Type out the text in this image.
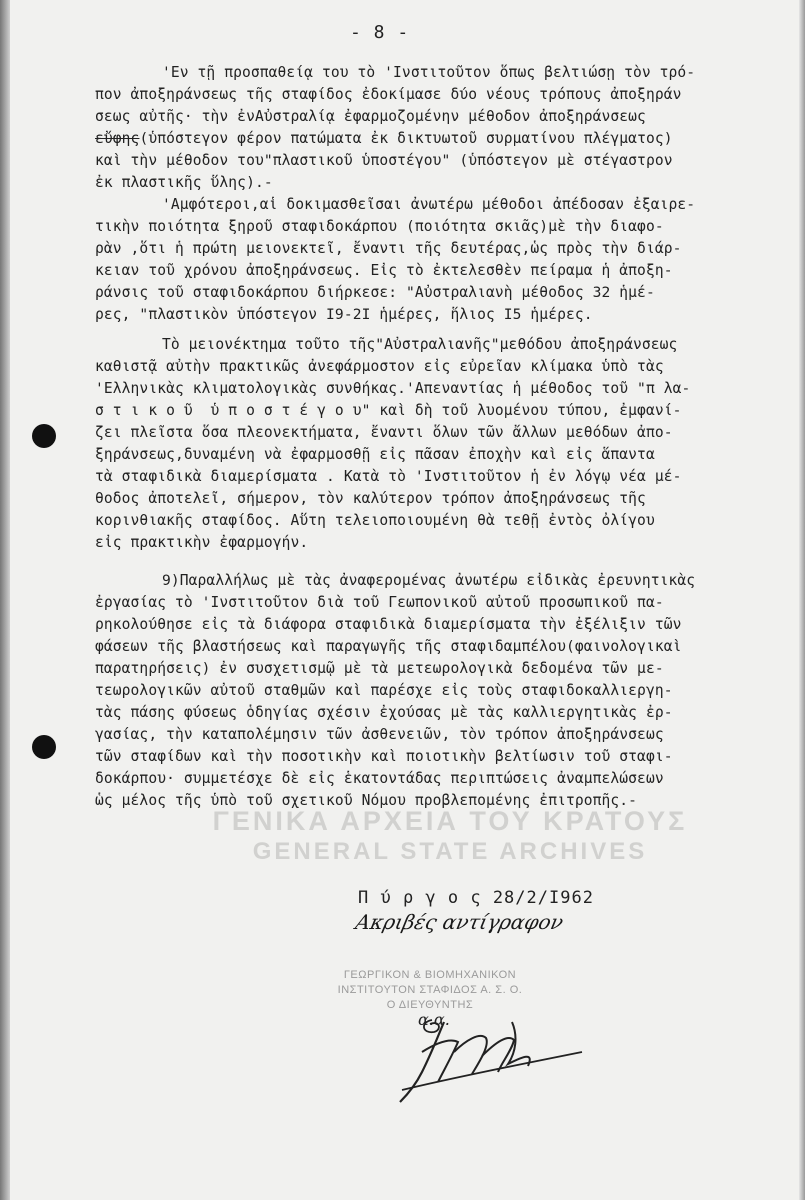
- 8 -
'Εν τῇ προσπαθείᾳ του τὸ 'Ινστιτοῦτον ὅπως βελτιώσῃ τὸν τρό-
πον ἀποξηράνσεως τῆς σταφίδος ἐδοκίμασε δύο νέους τρόπους ἀποξηράν
σεως αὐτῆς· τὴν ἐνΑὐστραλίᾳ ἐφαρμοζομένην μέθοδον ἀποξηράνσεως
εὔφης(ὑπόστεγον φέρον πατώματα ἐκ δικτυωτοῦ συρματίνου πλέγματος)
καὶ τὴν μέθοδον του"πλαστικοῦ ὑποστέγου" (ὑπόστεγον μὲ στέγαστρον
ἐκ πλαστικῆς ὕλης).-
'Αμφότεροι,αἱ δοκιμασθεῖσαι ἀνωτέρω μέθοδοι ἀπέδοσαν ἐξαιρε-
τικὴν ποιότητα ξηροῦ σταφιδοκάρπου (ποιότητα σκιᾶς)μὲ τὴν διαφο-
ρὰν ,ὅτι ἡ πρώτη μειονεκτεῖ, ἔναντι τῆς δευτέρας,ὡς πρὸς τὴν διάρ-
κειαν τοῦ χρόνου ἀποξηράνσεως. Εἰς τὸ ἐκτελεσθὲν πείραμα ἡ ἀποξη-
ράνσις τοῦ σταφιδοκάρπου διήρκεσε: "Αὐστραλιανὴ μέθοδος 32 ἡμέ-
ρες, "πλαστικὸν ὑπόστεγον I9-2I ἡμέρες, ἥλιος I5 ἡμέρες.
Τὸ μειονέκτημα τοῦτο τῆς"Αὐστραλιανῆς"μεθόδου ἀποξηράνσεως
καθιστᾷ αὐτὴν πρακτικῶς ἀνεφάρμοστον εἰς εὐρεῖαν κλίμακα ὑπὸ τὰς
'Ελληνικὰς κλιματολογικὰς συνθήκας.'Απεναντίας ἡ μέθοδος τοῦ "π λα-
σ τ ι κ ο ῦ  ὑ π ο σ τ έ γ ο υ" καὶ δὴ τοῦ λυομένου τύπου, ἐμφανί-
ζει πλεῖστα ὅσα πλεονεκτήματα, ἔναντι ὅλων τῶν ἄλλων μεθόδων ἀπο-
ξηράνσεως,δυναμένη νὰ ἐφαρμοσθῇ εἰς πᾶσαν ἐποχὴν καὶ εἰς ἅπαντα
τὰ σταφιδικὰ διαμερίσματα . Κατὰ τὸ 'Ινστιτοῦτον ἡ ἐν λόγῳ νέα μέ-
θοδος ἀποτελεῖ, σήμερον, τὸν καλύτερον τρόπον ἀποξηράνσεως τῆς
κορινθιακῆς σταφίδος. Αὕτη τελειοποιουμένη θὰ τεθῇ ἐντὸς ὀλίγου
εἰς πρακτικὴν ἐφαρμογήν.
9)Παραλλήλως μὲ τὰς ἀναφερομένας ἀνωτέρω εἰδικὰς ἐρευνητικὰς
ἐργασίας τὸ 'Ινστιτοῦτον διὰ τοῦ Γεωπονικοῦ αὐτοῦ προσωπικοῦ πα-
ρηκολούθησε εἰς τὰ διάφορα σταφιδικὰ διαμερίσματα τὴν ἐξέλιξιν τῶν
φάσεων τῆς βλαστήσεως καὶ παραγωγῆς τῆς σταφιδαμπέλου(φαινολογικαὶ
παρατηρήσεις) ἐν συσχετισμῷ μὲ τὰ μετεωρολογικὰ δεδομένα τῶν με-
τεωρολογικῶν αὐτοῦ σταθμῶν καὶ παρέσχε εἰς τοὺς σταφιδοκαλλιεργη-
τὰς πάσης φύσεως ὁδηγίας σχέσιν ἐχούσας μὲ τὰς καλλιεργητικὰς ἐρ-
γασίας, τὴν καταπολέμησιν τῶν ἀσθενειῶν, τὸν τρόπον ἀποξηράνσεως
τῶν σταφίδων καὶ τὴν ποσοτικὴν καὶ ποιοτικὴν βελτίωσιν τοῦ σταφι-
δοκάρπου· συμμετέσχε δὲ εἰς ἑκατοντάδας περιπτώσεις ἀναμπελώσεων
ὡς μέλος τῆς ὑπὸ τοῦ σχετικοῦ Νόμου προβλεπομένης ἐπιτροπῆς.-
ΓΕΝΙΚΑ ΑΡΧΕΙΑ ΤΟΥ ΚΡΑΤΟΥΣ
GENERAL STATE ARCHIVES
Π ύ ρ γ ο ς 28/2/I962
Ακριβές αντίγραφον
ΓΕΩΡΓΙΚΟΝ & ΒΙΟΜΗΧΑΝΙΚΟΝ
ΙΝΣΤΙΤΟΥΤΟΝ ΣΤΑΦΙΔΟΣ Α. Σ. Ο.
Ο ΔΙΕΥΘΥΝΤΗΣ
α.α.
